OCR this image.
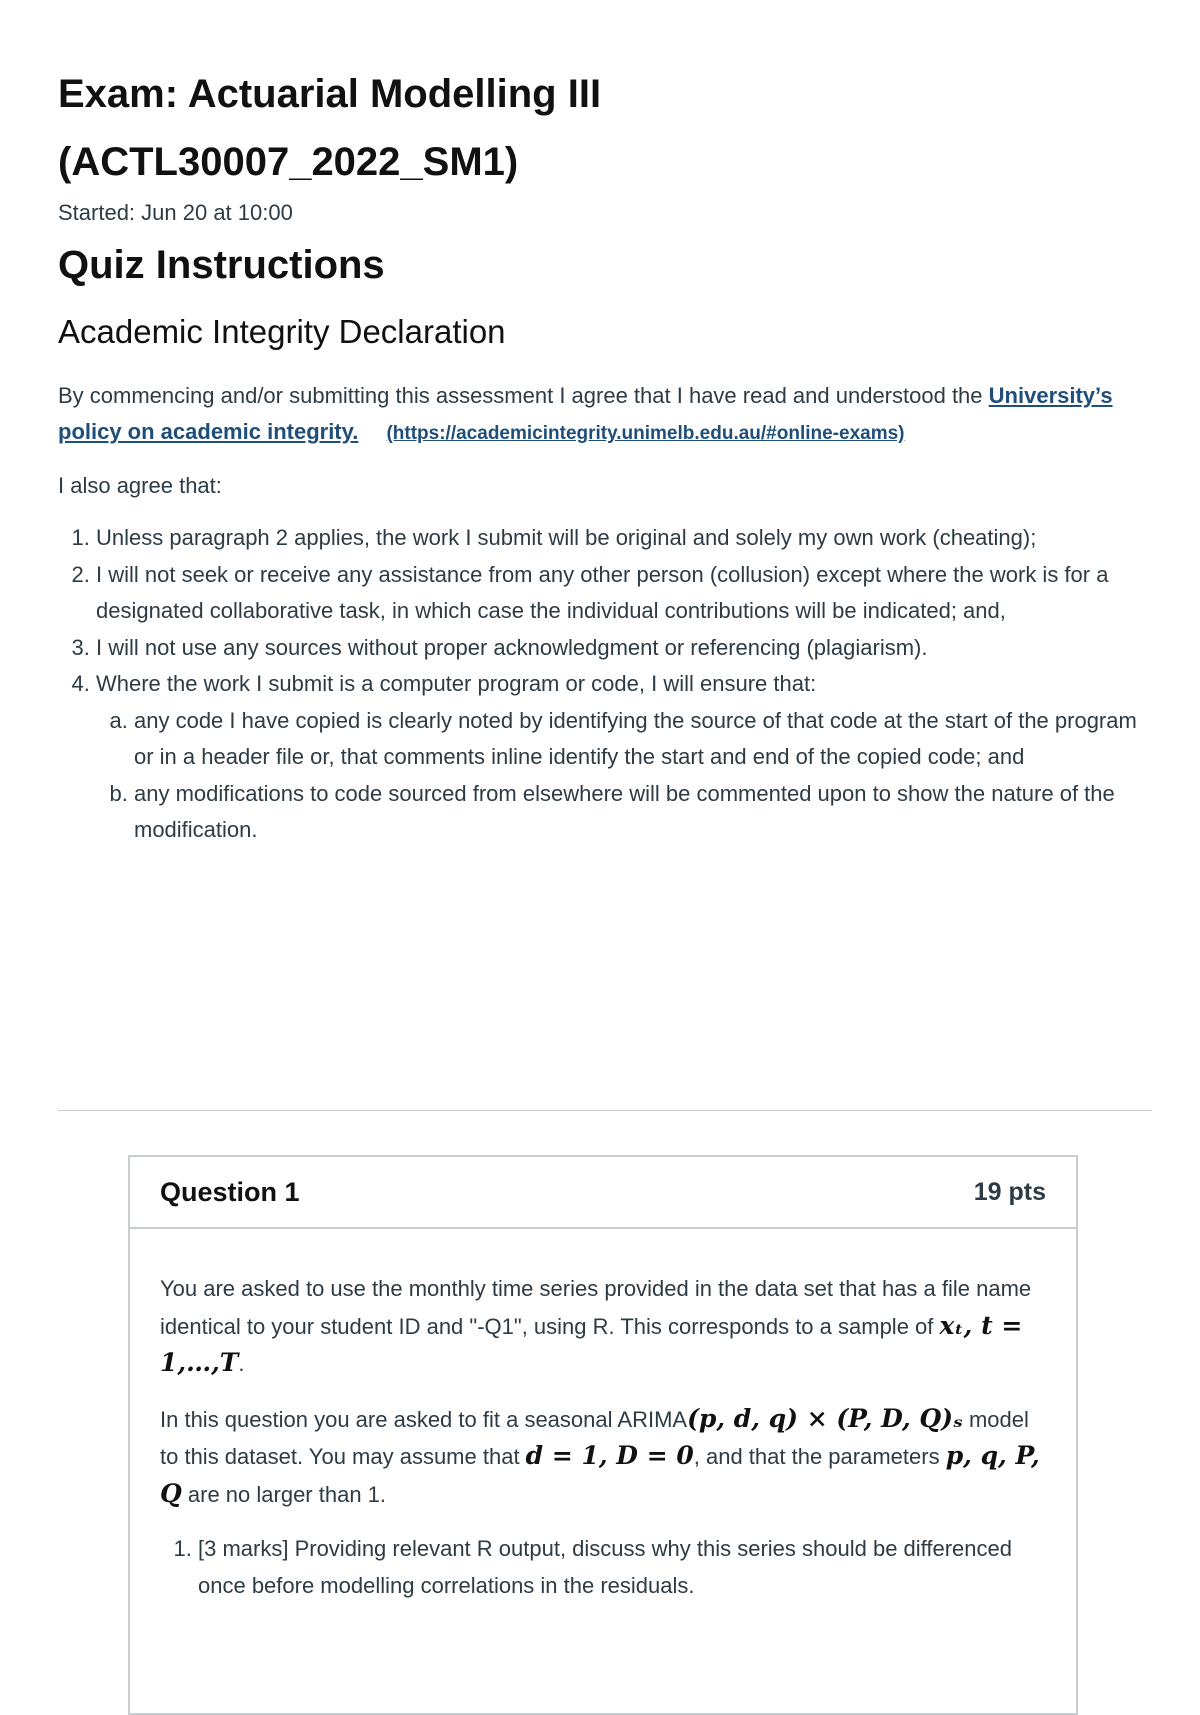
Exam: Actuarial Modelling III (ACTL30007_2022_SM1)
Started: Jun 20 at 10:00
Quiz Instructions
Academic Integrity Declaration

By commencing and/or submitting this assessment I agree that I have read and understood the University’s policy on academic integrity. (https://academicintegrity.unimelb.edu.au/#online-exams)

I also agree that:

1. Unless paragraph 2 applies, the work I submit will be original and solely my own work (cheating);
2. I will not seek or receive any assistance from any other person (collusion) except where the work is for a designated collaborative task, in which case the individual contributions will be indicated; and,
3. I will not use any sources without proper acknowledgment or referencing (plagiarism).
4. Where the work I submit is a computer program or code, I will ensure that:
a. any code I have copied is clearly noted by identifying the source of that code at the start of the program or in a header file or, that comments inline identify the start and end of the copied code; and
b. any modifications to code sourced from elsewhere will be commented upon to show the nature of the modification.
Question 1	19 pts

You are asked to use the monthly time series provided in the data set that has a file name identical to your student ID and "-Q1", using R. This corresponds to a sample of xₜ, t = 1,…,T.

In this question you are asked to fit a seasonal ARIMA(p, d, q) × (P, D, Q)ₛ model to this dataset. You may assume that d = 1, D = 0, and that the parameters p, q, P, Q are no larger than 1.

1. [3 marks] Providing relevant R output, discuss why this series should be differenced once before modelling correlations in the residuals.
